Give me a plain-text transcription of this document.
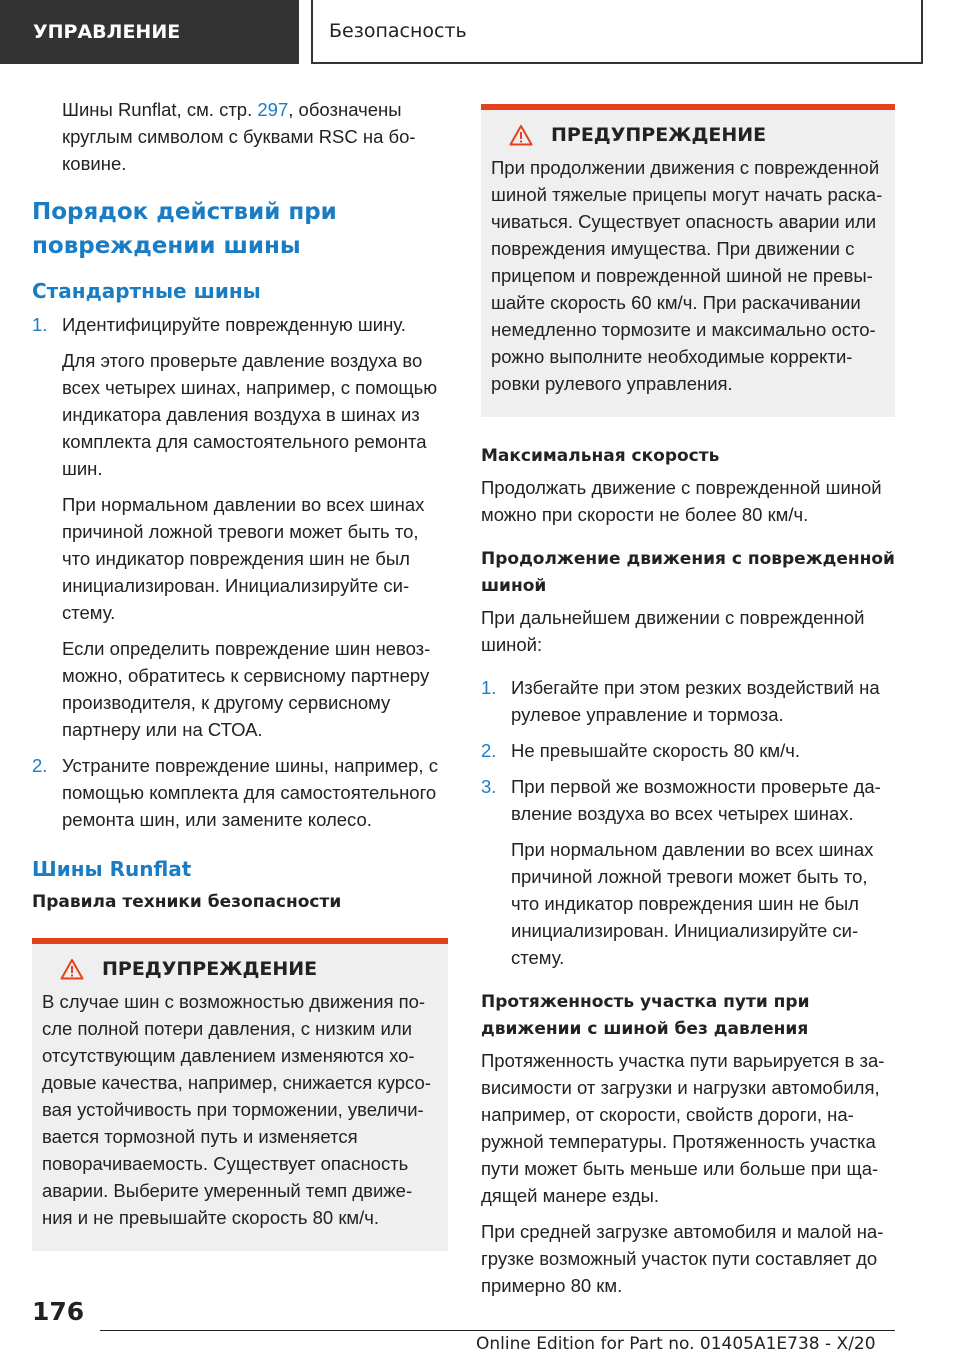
УПРАВЛЕНИЕ	Безопасность

Шины Runflat, см. стр. 297, обозначены круглым символом с буквами RSC на бо‐ковине.

Порядок действий при повреждении шины
Стандартные шины
1. Идентифицируйте поврежденную шину.

Для этого проверьте давление воздуха во всех четырех шинах, например, с помощью индикатора давления воздуха в шинах из комплекта для самостоятельного ремонта шин.

При нормальном давлении во всех шинах причиной ложной тревоги может быть то, что индикатор повреждения шин не был инициализирован. Инициализируйте си‐стему.

Если определить повреждение шин невоз‐можно, обратитесь к сервисному партнеру производителя, к другому сервисному партнеру или на СТОА.

2. Устраните повреждение шины, например, с помощью комплекта для самостоятельного ремонта шин, или замените колесо.

Шины Runflat
Правила техники безопасности
ПРЕДУПРЕЖДЕНИЕ

В случае шин с возможностью движения по‐сле полной потери давления, с низким или отсутствующим давлением изменяются хо‐довые качества, например, снижается курсо‐вая устойчивость при торможении, увеличи‐вается тормозной путь и изменяется поворачиваемость. Существует опасность аварии. Выберите умеренный темп движе‐ния и не превышайте скорость 80 км/ч.

ПРЕДУПРЕЖДЕНИЕ

При продолжении движения с поврежденной шиной тяжелые прицепы могут начать раска‐чиваться. Существует опасность аварии или повреждения имущества. При движении с прицепом и поврежденной шиной не превы‐шайте скорость 60 км/ч. При раскачивании немедленно тормозите и максимально осто‐рожно выполните необходимые корректи‐ровки рулевого управления.

Максимальная скорость

Продолжать движение с поврежденной шиной можно при скорости не более 80 км/ч.

Продолжение движения с поврежденной шиной

При дальнейшем движении с поврежденной шиной:

1. Избегайте при этом резких воздействий на рулевое управление и тормоза.

2. Не превышайте скорость 80 км/ч.

3. При первой же возможности проверьте да‐вление воздуха во всех четырех шинах.

При нормальном давлении во всех шинах причиной ложной тревоги может быть то, что индикатор повреждения шин не был инициализирован. Инициализируйте си‐стему.

Протяженность участка пути при движении с шиной без давления

Протяженность участка пути варьируется в за‐висимости от загрузки и нагрузки автомобиля, например, от скорости, свойств дороги, на‐ружной температуры. Протяженность участка пути может быть меньше или больше при ща‐дящей манере езды.

При средней загрузке автомобиля и малой на‐грузке возможный участок пути составляет до примерно 80 км.

176
Online Edition for Part no. 01405A1E738 - X/20
